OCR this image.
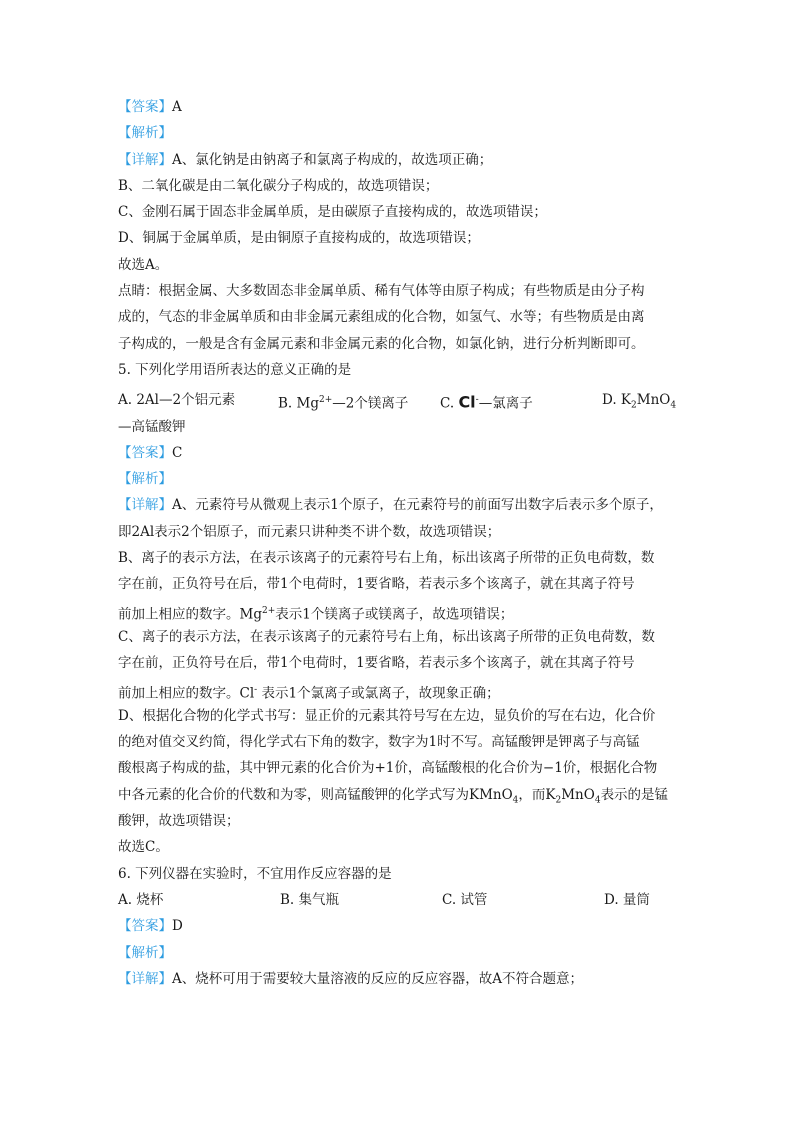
【答案】A
【解析】
【详解】A、氯化钠是由钠离子和氯离子构成的，故选项正确；
B、二氧化碳是由二氧化碳分子构成的，故选项错误；
C、金刚石属于固态非金属单质，是由碳原子直接构成的，故选项错误；
D、铜属于金属单质，是由铜原子直接构成的，故选项错误；
故选A。
点睛：根据金属、大多数固态非金属单质、稀有气体等由原子构成；有些物质是由分子构
成的，气态的非金属单质和由非金属元素组成的化合物，如氢气、水等；有些物质是由离
子构成的，一般是含有金属元素和非金属元素的化合物，如氯化钠，进行分析判断即可。
5. 下列化学用语所表达的意义正确的是
A. 2Al—2个铝元素	B. $Mg^{2+}—2$个镁离子	C. Cl-—氯离子	D. $K_2MnO_4$
—高锰酸钾
【答案】C
【解析】
【详解】A、元素符号从微观上表示1个原子，在元素符号的前面写出数字后表示多个原子，
即2Al表示2个铝原子，而元素只讲种类不讲个数，故选项错误；
B、离子的表示方法，在表示该离子的元素符号右上角，标出该离子所带的正负电荷数，数
字在前，正负符号在后，带1个电荷时，1要省略，若表示多个该离子，就在其离子符号
前加上相应的数字。$Mg^{2+}$表示1个镁离子或镁离子，故选项错误；
C、离子的表示方法，在表示该离子的元素符号右上角，标出该离子所带的正负电荷数，数
字在前，正负符号在后，带1个电荷时，1要省略，若表示多个该离子，就在其离子符号
前加上相应的数字。Cl- 表示1个氯离子或氯离子，故现象正确；
D、根据化合物的化学式书写：显正价的元素其符号写在左边，显负价的写在右边，化合价
的绝对值交叉约简，得化学式右下角的数字，数字为1时不写。高锰酸钾是钾离子与高锰
酸根离子构成的盐，其中钾元素的化合价为+1价，高锰酸根的化合价为−1价，根据化合物
中各元素的化合价的代数和为零，则高锰酸钾的化学式写为KMnO$_4$，而$K_2MnO_4$表示的是锰
酸钾，故选项错误；
故选C。
6. 下列仪器在实验时，不宜用作反应容器的是
A. 烧杯	B. 集气瓶	C. 试管	D. 量筒
【答案】D
【解析】
【详解】A、烧杯可用于需要较大量溶液的反应的反应容器，故A不符合题意；
